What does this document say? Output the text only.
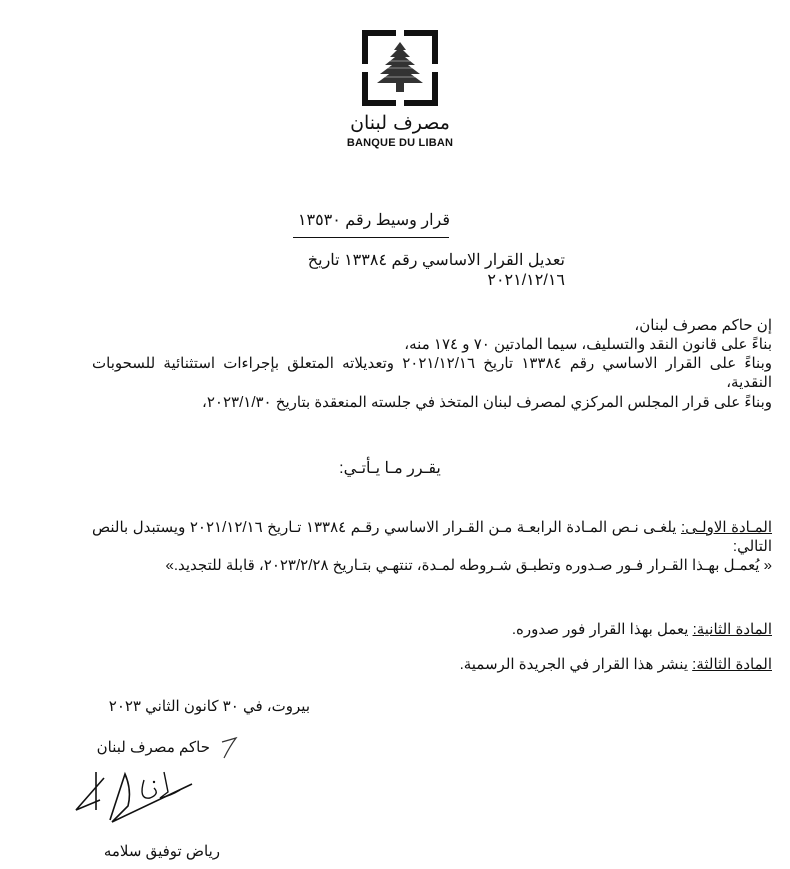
مصرف لبنان
BANQUE DU LIBAN
قرار وسيط رقم ١٣٥٣٠
تعديل القرار الاساسي رقم ١٣٣٨٤ تاريخ ٢٠٢١/١٢/١٦
إن حاكم مصرف لبنان،
بناءً على قانون النقد والتسليف، سيما المادتين ٧٠ و ١٧٤ منه،
وبناءً على القرار الاساسي رقم ١٣٣٨٤ تاريخ ٢٠٢١/١٢/١٦ وتعديلاته المتعلق بإجراءات استثنائية للسحوبات النقدية،
وبناءً على قرار المجلس المركزي لمصرف لبنان المتخذ في جلسته المنعقدة بتاريخ ٢٠٢٣/١/٣٠،
يقـرر مـا يـأتـي:
المـادة الاولـى: يلغـى نـص المـادة الرابعـة مـن القـرار الاساسي رقـم ١٣٣٨٤ تـاريخ ٢٠٢١/١٢/١٦ ويستبدل بالنص التالي:
« يُعمـل بهـذا القـرار فـور صـدوره وتطبـق شـروطه لمـدة، تنتهـي بتـاريخ ٢٠٢٣/٢/٢٨، قابلة للتجديد.»
المادة الثانية: يعمل بهذا القرار فور صدوره.
المادة الثالثة: ينشر هذا القرار في الجريدة الرسمية.
بيروت، في ٣٠ كانون الثاني ٢٠٢٣
حاكم مصرف لبنان
رياض توفيق سلامه
